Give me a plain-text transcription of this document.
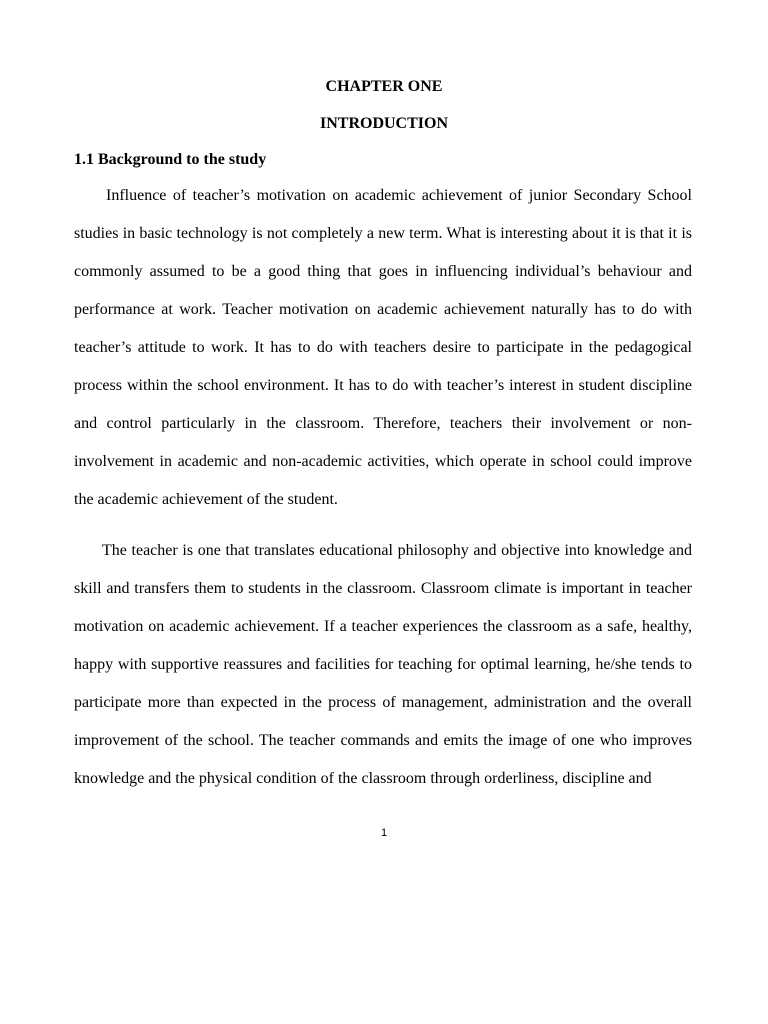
CHAPTER ONE
INTRODUCTION
1.1 Background to the study

Influence of teacher’s motivation on academic achievement of junior Secondary School studies in basic technology is not completely a new term. What is interesting about it is that it is commonly assumed to be a good thing that goes in influencing individual’s behaviour and performance at work. Teacher motivation on academic achievement naturally has to do with teacher’s attitude to work. It has to do with teachers desire to participate in the pedagogical process within the school environment. It has to do with teacher’s interest in student discipline and control particularly in the classroom. Therefore, teachers their involvement or non-involvement in academic and non-academic activities, which operate in school could improve the academic achievement of the student.

The teacher is one that translates educational philosophy and objective into knowledge and skill and transfers them to students in the classroom. Classroom climate is important in teacher motivation on academic achievement. If a teacher experiences the classroom as a safe, healthy, happy with supportive reassures and facilities for teaching for optimal learning, he/she tends to participate more than expected in the process of management, administration and the overall improvement of the school. The teacher commands and emits the image of one who improves knowledge and the physical condition of the classroom through orderliness, discipline and

1
